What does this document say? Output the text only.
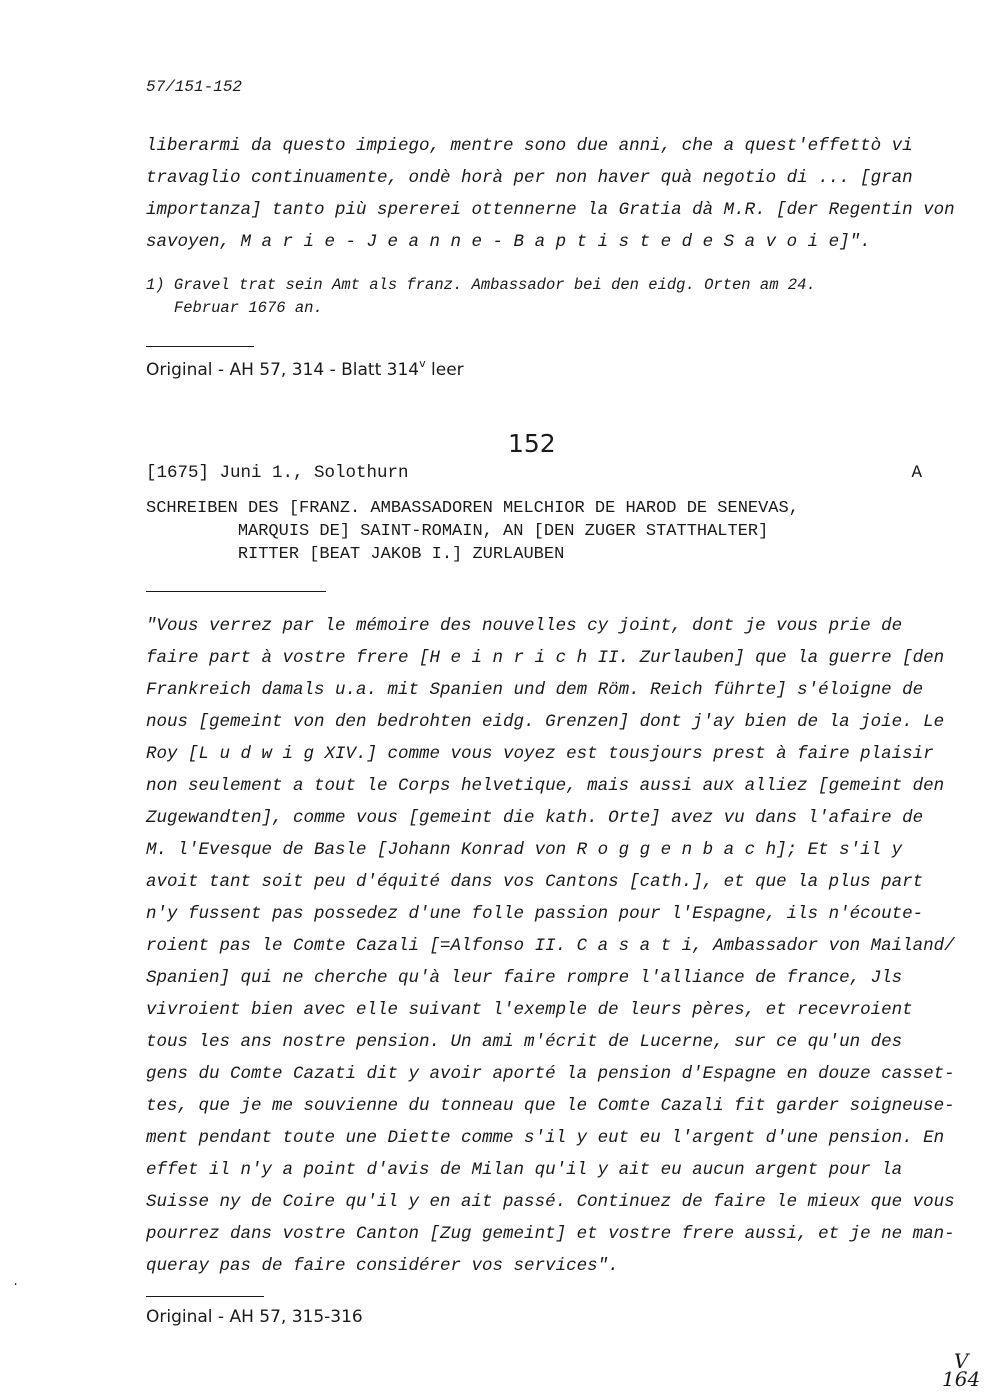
57/151-152
liberarmi da questo impiego, mentre sono due anni, che a quest'effettò vi
travaglio continuamente, ondè horà per non haver quà negotio di ... [gran
importanza] tanto più spererei ottennerne la Gratia dà M.R. [der Regentin von
savoyen, M a r i e - J e a n n e - B a p t i s t e d e S a v o i e]".
1) Gravel trat sein Amt als franz. Ambassador bei den eidg. Orten am 24.
Februar 1676 an.
Original - AH 57, 314 - Blatt 314$^v$ leer
152
[1675] Juni 1., Solothurn	A
SCHREIBEN DES [FRANZ. AMBASSADOREN MELCHIOR DE HAROD DE SENEVAS,
MARQUIS DE] SAINT-ROMAIN, AN [DEN ZUGER STATTHALTER]
RITTER [BEAT JAKOB I.] ZURLAUBEN
"Vous verrez par le mémoire des nouvelles cy joint, dont je vous prie de
faire part à vostre frere [H e i n r i c h II. Zurlauben] que la guerre [den
Frankreich damals u.a. mit Spanien und dem Röm. Reich führte] s'éloigne de
nous [gemeint von den bedrohten eidg. Grenzen] dont j'ay bien de la joie. Le
Roy [L u d w i g XIV.] comme vous voyez est tousjours prest à faire plaisir
non seulement a tout le Corps helvetique, mais aussi aux alliez [gemeint den
Zugewandten], comme vous [gemeint die kath. Orte] avez vu dans l'afaire de
M. l'Evesque de Basle [Johann Konrad von R o g g e n b a c h]; Et s'il y
avoit tant soit peu d'équité dans vos Cantons [cath.], et que la plus part
n'y fussent pas possedez d'une folle passion pour l'Espagne, ils n'écoute-
roient pas le Comte Cazali [=Alfonso II. C a s a t i, Ambassador von Mailand/
Spanien] qui ne cherche qu'à leur faire rompre l'alliance de france, Jls
vivroient bien avec elle suivant l'exemple de leurs pères, et recevroient
tous les ans nostre pension. Un ami m'écrit de Lucerne, sur ce qu'un des
gens du Comte Cazati dit y avoir aporté la pension d'Espagne en douze casset-
tes, que je me souvienne du tonneau que le Comte Cazali fit garder soigneuse-
ment pendant toute une Diette comme s'il y eut eu l'argent d'une pension. En
effet il n'y a point d'avis de Milan qu'il y ait eu aucun argent pour la
Suisse ny de Coire qu'il y en ait passé. Continuez de faire le mieux que vous
pourrez dans vostre Canton [Zug gemeint] et vostre frere aussi, et je ne man-
queray pas de faire considérer vos services".
Original - AH 57, 315-316
.
V
164
